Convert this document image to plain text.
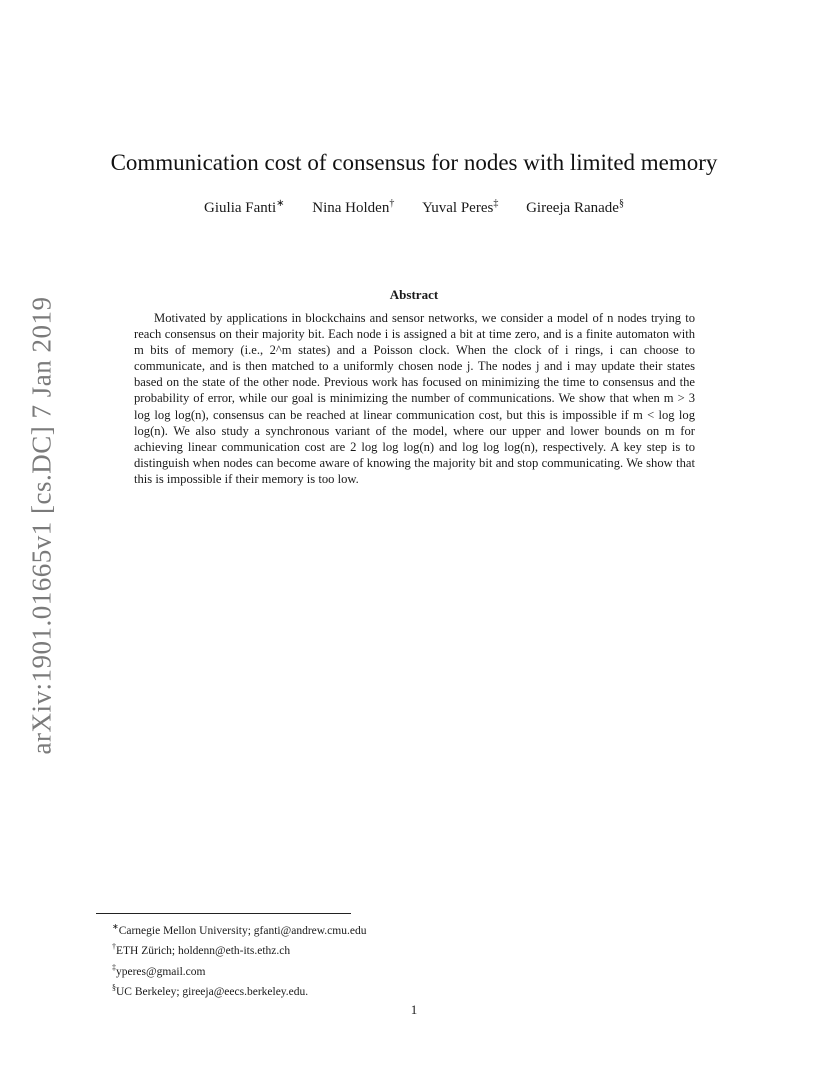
arXiv:1901.01665v1 [cs.DC] 7 Jan 2019
Communication cost of consensus for nodes with limited memory
Giulia Fanti∗ Nina Holden† Yuval Peres‡ Gireeja Ranade§
Abstract

Motivated by applications in blockchains and sensor networks, we consider a model of n nodes trying to reach consensus on their majority bit. Each node i is assigned a bit at time zero, and is a finite automaton with m bits of memory (i.e., 2^m states) and a Poisson clock. When the clock of i rings, i can choose to communicate, and is then matched to a uniformly chosen node j. The nodes j and i may update their states based on the state of the other node. Previous work has focused on minimizing the time to consensus and the probability of error, while our goal is minimizing the number of communications. We show that when m > 3 log log log(n), consensus can be reached at linear communication cost, but this is impossible if m < log log log(n). We also study a synchronous variant of the model, where our upper and lower bounds on m for achieving linear communication cost are 2 log log log(n) and log log log(n), respectively. A key step is to distinguish when nodes can become aware of knowing the majority bit and stop communicating. We show that this is impossible if their memory is too low.

∗Carnegie Mellon University; gfanti@andrew.cmu.edu
†ETH Zürich; holdenn@eth-its.ethz.ch
‡yperes@gmail.com
§UC Berkeley; gireeja@eecs.berkeley.edu.
1
